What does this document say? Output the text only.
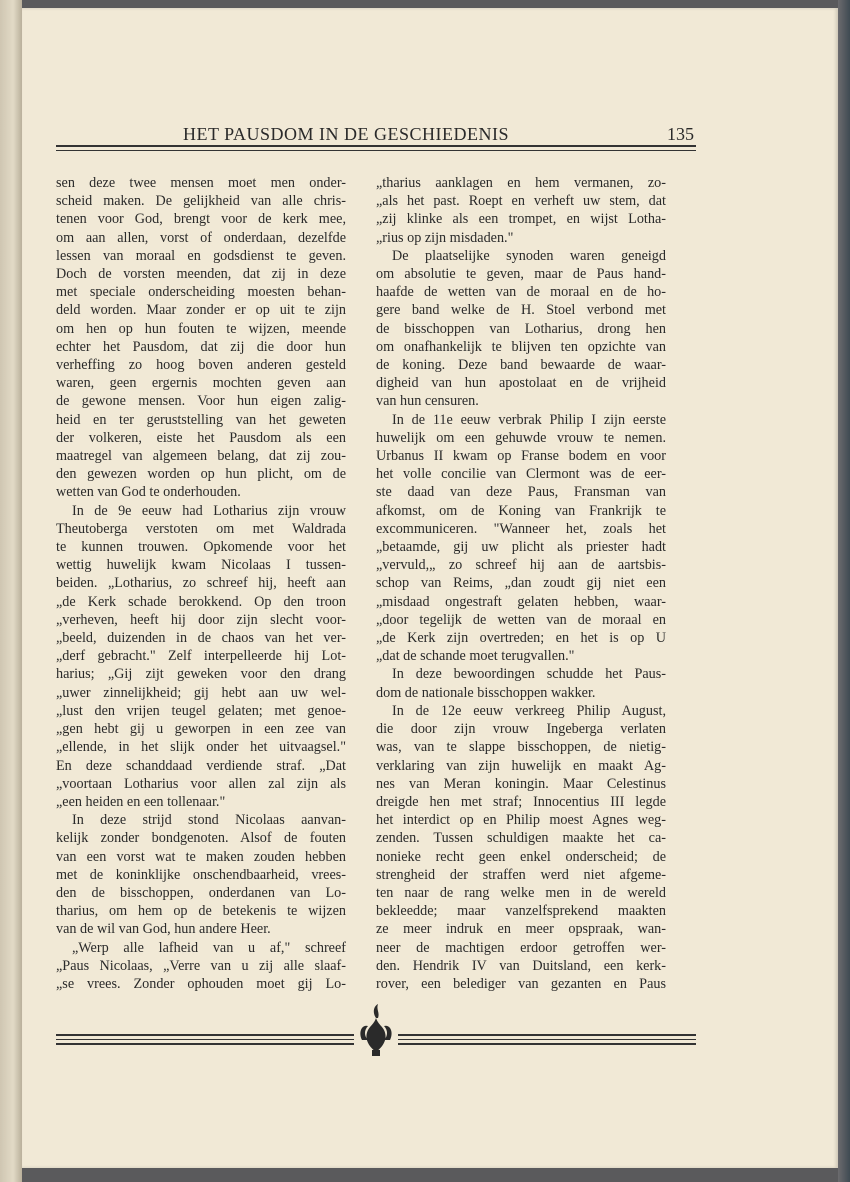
HET PAUSDOM IN DE GESCHIEDENIS	135
sen deze twee mensen moet men onder-
scheid maken. De gelijkheid van alle chris-
tenen voor God, brengt voor de kerk mee,
om aan allen, vorst of onderdaan, dezelfde
lessen van moraal en godsdienst te geven.
Doch de vorsten meenden, dat zij in deze
met speciale onderscheiding moesten behan-
deld worden. Maar zonder er op uit te zijn
om hen op hun fouten te wijzen, meende
echter het Pausdom, dat zij die door hun
verheffing zo hoog boven anderen gesteld
waren, geen ergernis mochten geven aan
de gewone mensen. Voor hun eigen zalig-
heid en ter geruststelling van het geweten
der volkeren, eiste het Pausdom als een
maatregel van algemeen belang, dat zij zou-
den gewezen worden op hun plicht, om de
wetten van God te onderhouden.
In de 9e eeuw had Lotharius zijn vrouw
Theutoberga verstoten om met Waldrada
te kunnen trouwen. Opkomende voor het
wettig huwelijk kwam Nicolaas I tussen-
beiden. „Lotharius, zo schreef hij, heeft aan
„de Kerk schade berokkend. Op den troon
„verheven, heeft hij door zijn slecht voor-
„beeld, duizenden in de chaos van het ver-
„derf gebracht." Zelf interpelleerde hij Lot-
harius; „Gij zijt geweken voor den drang
„uwer zinnelijkheid; gij hebt aan uw wel-
„lust den vrijen teugel gelaten; met genoe-
„gen hebt gij u geworpen in een zee van
„ellende, in het slijk onder het uitvaagsel."
En deze schanddaad verdiende straf. „Dat
„voortaan Lotharius voor allen zal zijn als
„een heiden en een tollenaar."
In deze strijd stond Nicolaas aanvan-
kelijk zonder bondgenoten. Alsof de fouten
van een vorst wat te maken zouden hebben
met de koninklijke onschendbaarheid, vrees-
den de bisschoppen, onderdanen van Lo-
tharius, om hem op de betekenis te wijzen
van de wil van God, hun andere Heer.
„Werp alle lafheid van u af," schreef
„Paus Nicolaas, „Verre van u zij alle slaaf-
„se vrees. Zonder ophouden moet gij Lo-
„tharius aanklagen en hem vermanen, zo-
„als het past. Roept en verheft uw stem, dat
„zij klinke als een trompet, en wijst Lotha-
„rius op zijn misdaden."
De plaatselijke synoden waren geneigd
om absolutie te geven, maar de Paus hand-
haafde de wetten van de moraal en de ho-
gere band welke de H. Stoel verbond met
de bisschoppen van Lotharius, drong hen
om onafhankelijk te blijven ten opzichte van
de koning. Deze band bewaarde de waar-
digheid van hun apostolaat en de vrijheid
van hun censuren.
In de 11e eeuw verbrak Philip I zijn eerste
huwelijk om een gehuwde vrouw te nemen.
Urbanus II kwam op Franse bodem en voor
het volle concilie van Clermont was de eer-
ste daad van deze Paus, Fransman van
afkomst, om de Koning van Frankrijk te
excommuniceren. "Wanneer het, zoals het
„betaamde, gij uw plicht als priester hadt
„vervuld,„ zo schreef hij aan de aartsbis-
schop van Reims, „dan zoudt gij niet een
„misdaad ongestraft gelaten hebben, waar-
„door tegelijk de wetten van de moraal en
„de Kerk zijn overtreden; en het is op U
„dat de schande moet terugvallen."
In deze bewoordingen schudde het Paus-
dom de nationale bisschoppen wakker.
In de 12e eeuw verkreeg Philip August,
die door zijn vrouw Ingeberga verlaten
was, van te slappe bisschoppen, de nietig-
verklaring van zijn huwelijk en maakt Ag-
nes van Meran koningin. Maar Celestinus
dreigde hen met straf; Innocentius III legde
het interdict op en Philip moest Agnes weg-
zenden. Tussen schuldigen maakte het ca-
nonieke recht geen enkel onderscheid; de
strengheid der straffen werd niet afgeme-
ten naar de rang welke men in de wereld
bekleedde; maar vanzelfsprekend maakten
ze meer indruk en meer opspraak, wan-
neer de machtigen erdoor getroffen wer-
den. Hendrik IV van Duitsland, een kerk-
rover, een belediger van gezanten en Paus
